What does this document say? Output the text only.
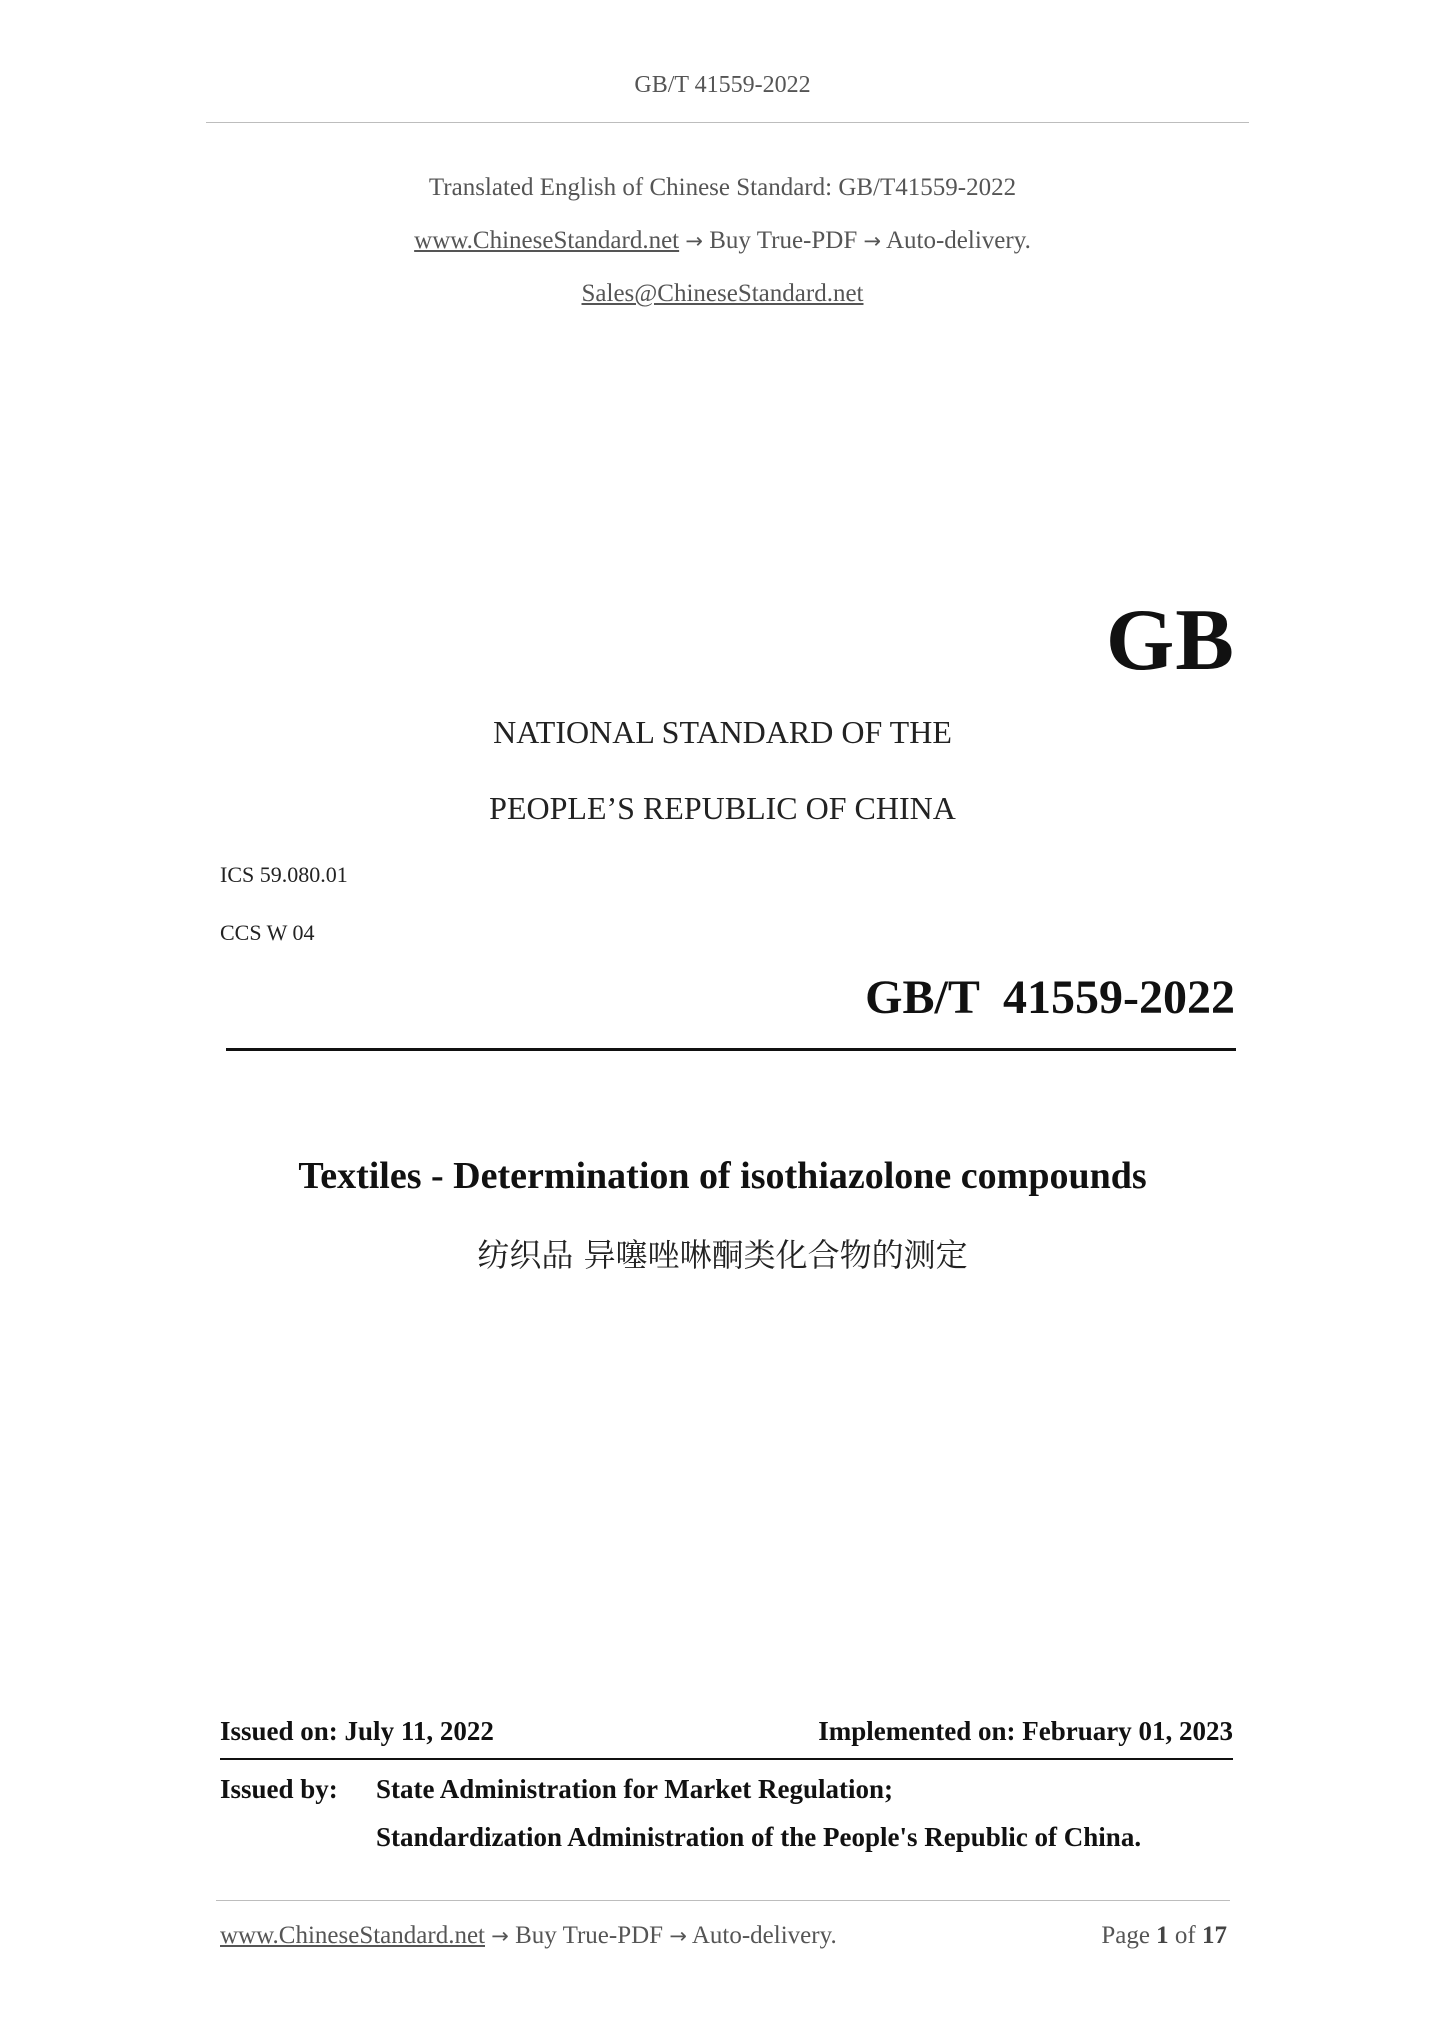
GB/T 41559-2022
Translated English of Chinese Standard: GB/T41559-2022
www.ChineseStandard.net → Buy True-PDF → Auto-delivery.
Sales@ChineseStandard.net
GB
NATIONAL STANDARD OF THE
PEOPLE’S REPUBLIC OF CHINA
ICS 59.080.01
CCS W 04
GB/T  41559-2022
Textiles - Determination of isothiazolone compounds
纺织品 异噻唑啉酮类化合物的测定
Issued on: July 11, 2022	Implemented on: February 01, 2023
Issued by: State Administration for Market Regulation;
Standardization Administration of the People's Republic of China.
www.ChineseStandard.net → Buy True-PDF → Auto-delivery.	Page 1 of 17
